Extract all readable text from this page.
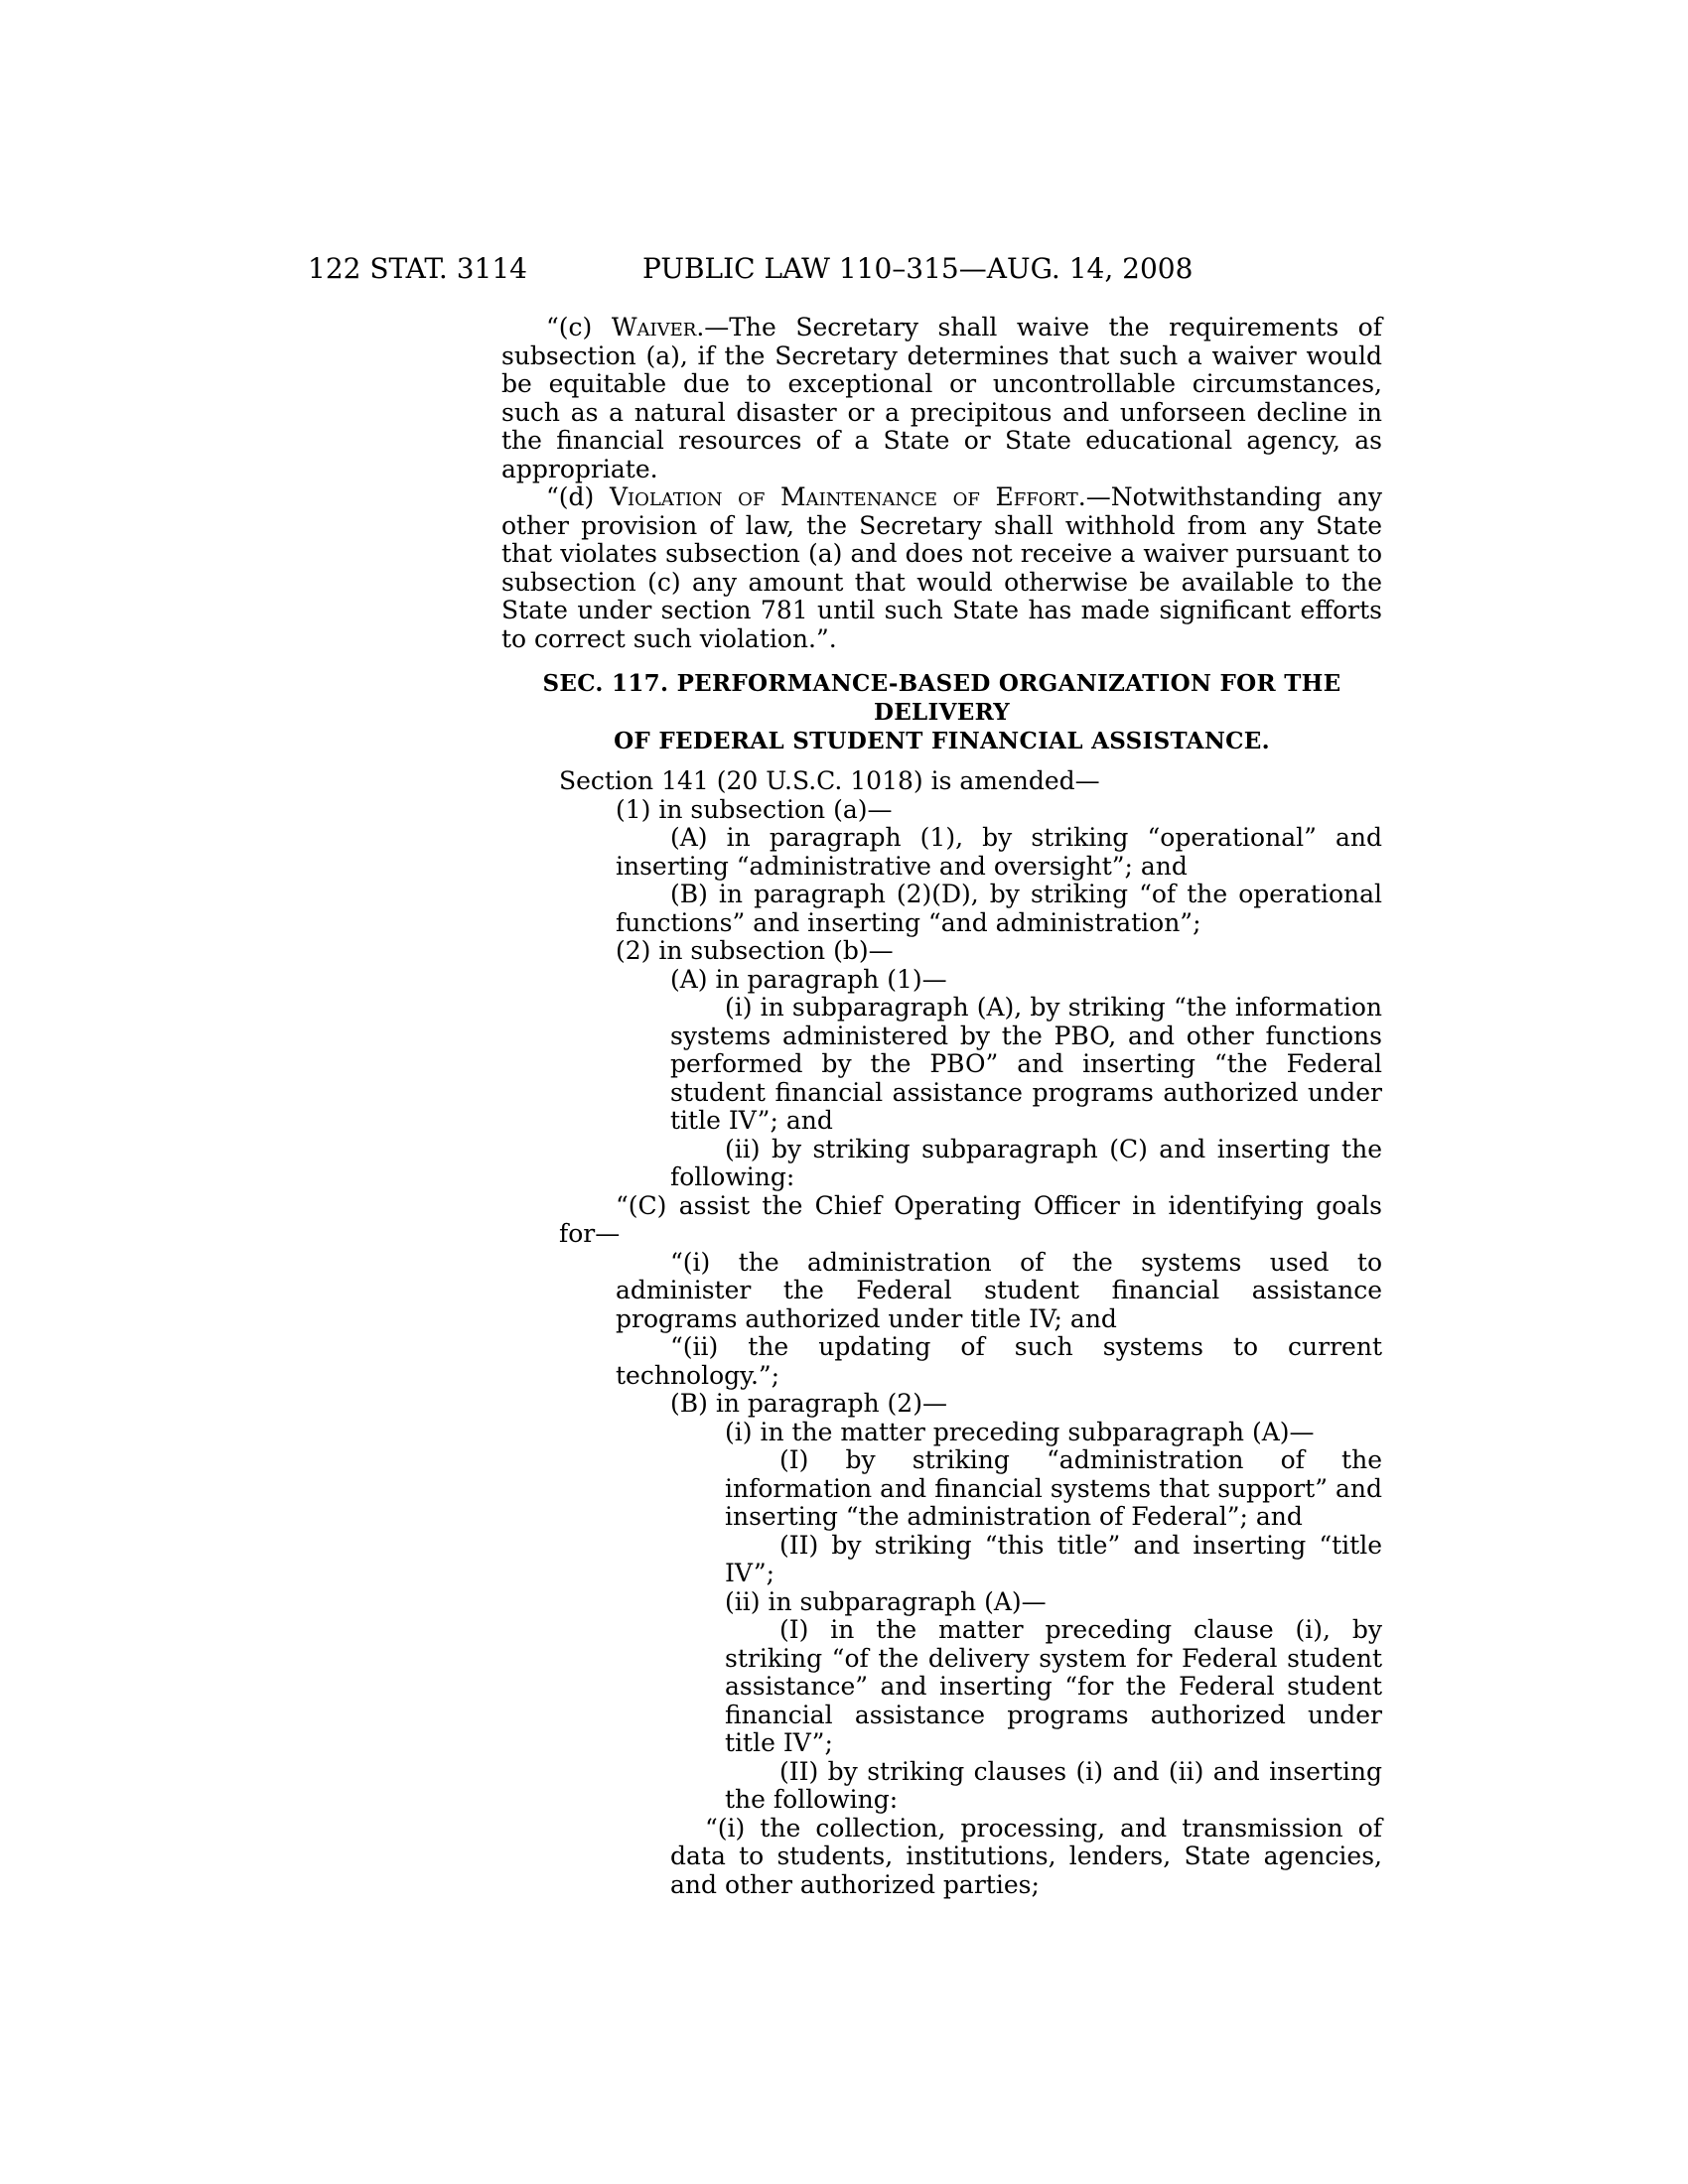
122 STAT. 3114	PUBLIC LAW 110–315—AUG. 14, 2008

“(c) Waiver.—The Secretary shall waive the requirements of subsection (a), if the Secretary determines that such a waiver would be equitable due to exceptional or uncontrollable circumstances, such as a natural disaster or a precipitous and unforseen decline in the financial resources of a State or State educational agency, as appropriate.

“(d) Violation of Maintenance of Effort.—Notwithstanding any other provision of law, the Secretary shall withhold from any State that violates subsection (a) and does not receive a waiver pursuant to subsection (c) any amount that would otherwise be available to the State under section 781 until such State has made significant efforts to correct such violation.”.

SEC. 117. PERFORMANCE-BASED ORGANIZATION FOR THE DELIVERY
OF FEDERAL STUDENT FINANCIAL ASSISTANCE.

Section 141 (20 U.S.C. 1018) is amended—

(1) in subsection (a)—

(A) in paragraph (1), by striking “operational” and inserting “administrative and oversight”; and

(B) in paragraph (2)(D), by striking “of the operational functions” and inserting “and administration”;

(2) in subsection (b)—

(A) in paragraph (1)—

(i) in subparagraph (A), by striking “the information systems administered by the PBO, and other functions performed by the PBO” and inserting “the Federal student financial assistance programs authorized under title IV”; and

(ii) by striking subparagraph (C) and inserting the following:

“(C) assist the Chief Operating Officer in identifying goals for—

“(i) the administration of the systems used to administer the Federal student financial assistance programs authorized under title IV; and

“(ii) the updating of such systems to current technology.”;

(B) in paragraph (2)—

(i) in the matter preceding subparagraph (A)—

(I) by striking “administration of the information and financial systems that support” and inserting “the administration of Federal”; and

(II) by striking “this title” and inserting “title IV”;

(ii) in subparagraph (A)—

(I) in the matter preceding clause (i), by striking “of the delivery system for Federal student assistance” and inserting “for the Federal student financial assistance programs authorized under title IV”;

(II) by striking clauses (i) and (ii) and inserting the following:

“(i) the collection, processing, and transmission of data to students, institutions, lenders, State agencies, and other authorized parties;
